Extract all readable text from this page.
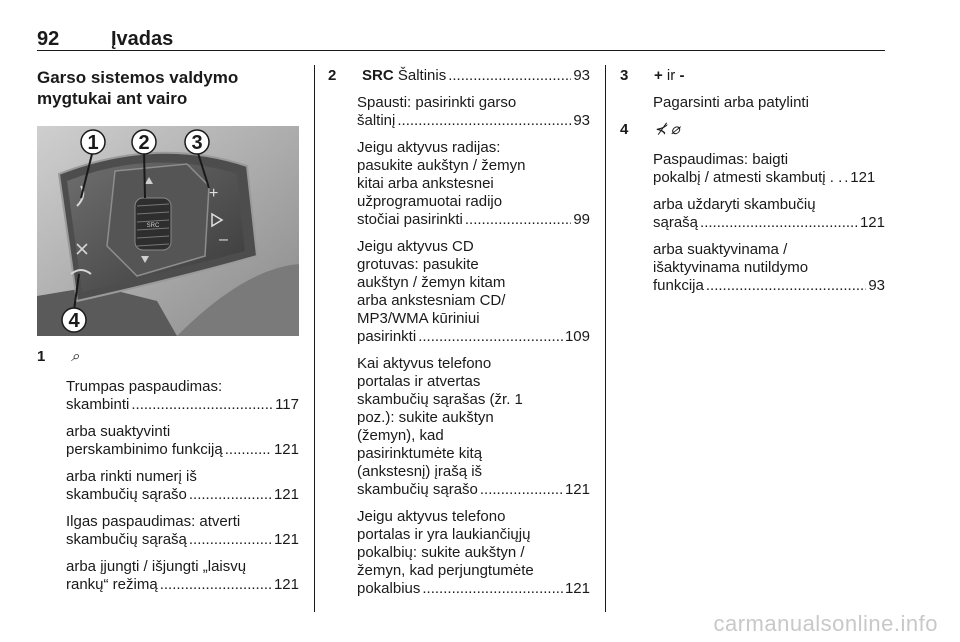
92	Įvadas
Garso sistemos valdymo
mygtukai ant vairo
SRC
+
–
1 2 3
4
1	⌕
Trumpas paspaudimas:
skambinti .....	117
arba suaktyvinti
perskambinimo funkciją .....	121
arba rinkti numerį iš
skambučių sąrašo .....	121
Ilgas paspaudimas: atverti
skambučių sąrašą .....	121
arba įjungti / išjungti „laisvų
rankų“ režimą .....	121
2	SRC
Šaltinis .....	93
Spausti: pasirinkti garso
šaltinį .....	93
Jeigu aktyvus radijas:
pasukite aukštyn / žemyn
kitai arba ankstesnei
užprogramuotai radijo
stočiai pasirinkti .....	99
Jeigu aktyvus CD
grotuvas: pasukite
aukštyn / žemyn kitam
arba ankstesniam CD/
MP3/WMA kūriniui
pasirinkti .....	109
Kai aktyvus telefono
portalas ir atvertas
skambučių sąrašas (žr. 1
poz.): sukite aukštyn
(žemyn), kad
pasirinktumėte kitą
(ankstesnį) įrašą iš
skambučių sąrašo .....	121
Jeigu aktyvus telefono
portalas ir yra laukiančiųjų
pokalbių: sukite aukštyn /
žemyn, kad perjungtumėte
pokalbius .....	121
3	+ ir -
Pagarsinti arba patylinti
4	⊀ ⌀
Paspaudimas: baigti
pokalbį / atmesti skambutį . . ..... 121
arba uždaryti skambučių
sąrašą .....	121
arba suaktyvinama /
išaktyvinama nutildymo
funkcija .....	93
carmanualsonline.info
